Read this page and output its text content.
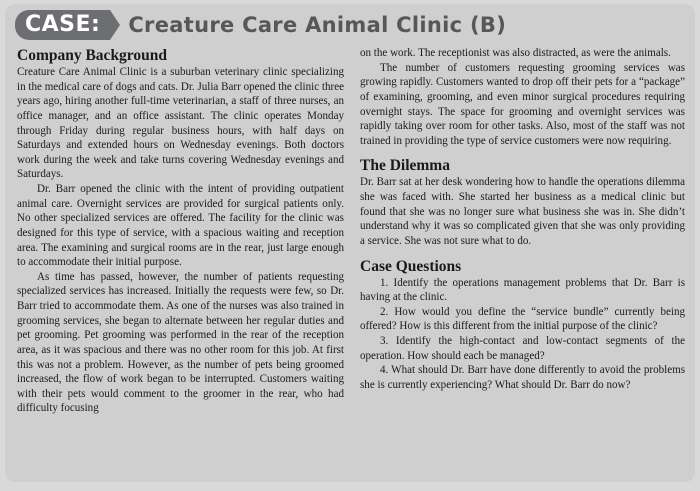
CASE:	Creature Care Animal Clinic (B)
Company Background

Creature Care Animal Clinic is a suburban veterinary clinic specializing in the medical care of dogs and cats. Dr. Julia Barr opened the clinic three years ago, hiring another full-time veterinarian, a staff of three nurses, an office manager, and an office assistant. The clinic operates Monday through Friday during regular business hours, with half days on Saturdays and extended hours on Wednesday evenings. Both doctors work during the week and take turns covering Wednesday evenings and Saturdays.

Dr. Barr opened the clinic with the intent of providing outpatient animal care. Overnight services are provided for surgical patients only. No other specialized services are offered. The facility for the clinic was designed for this type of service, with a spacious waiting and reception area. The examining and surgical rooms are in the rear, just large enough to accommodate their initial purpose.

As time has passed, however, the number of patients requesting specialized services has increased. Initially the requests were few, so Dr. Barr tried to accommodate them. As one of the nurses was also trained in grooming services, she began to alternate between her regular duties and pet grooming. Pet grooming was performed in the rear of the reception area, as it was spacious and there was no other room for this job. At first this was not a problem. However, as the number of pets being groomed increased, the flow of work began to be interrupted. Customers waiting with their pets would comment to the groomer in the rear, who had difficulty focusing

on the work. The receptionist was also distracted, as were the animals.

The number of customers requesting grooming services was growing rapidly. Customers wanted to drop off their pets for a “package” of examining, grooming, and even minor surgical procedures requiring overnight stays. The space for grooming and overnight services was rapidly taking over room for other tasks. Also, most of the staff was not trained in providing the type of service customers were now requiring.

The Dilemma

Dr. Barr sat at her desk wondering how to handle the operations dilemma she was faced with. She started her business as a medical clinic but found that she was no longer sure what business she was in. She didn’t understand why it was so complicated given that she was only providing a service. She was not sure what to do.

Case Questions

1. Identify the operations management problems that Dr. Barr is having at the clinic.

2. How would you define the “service bundle” currently being offered? How is this different from the initial purpose of the clinic?

3. Identify the high-contact and low-contact segments of the operation. How should each be managed?

4. What should Dr. Barr have done differently to avoid the problems she is currently experiencing? What should Dr. Barr do now?
